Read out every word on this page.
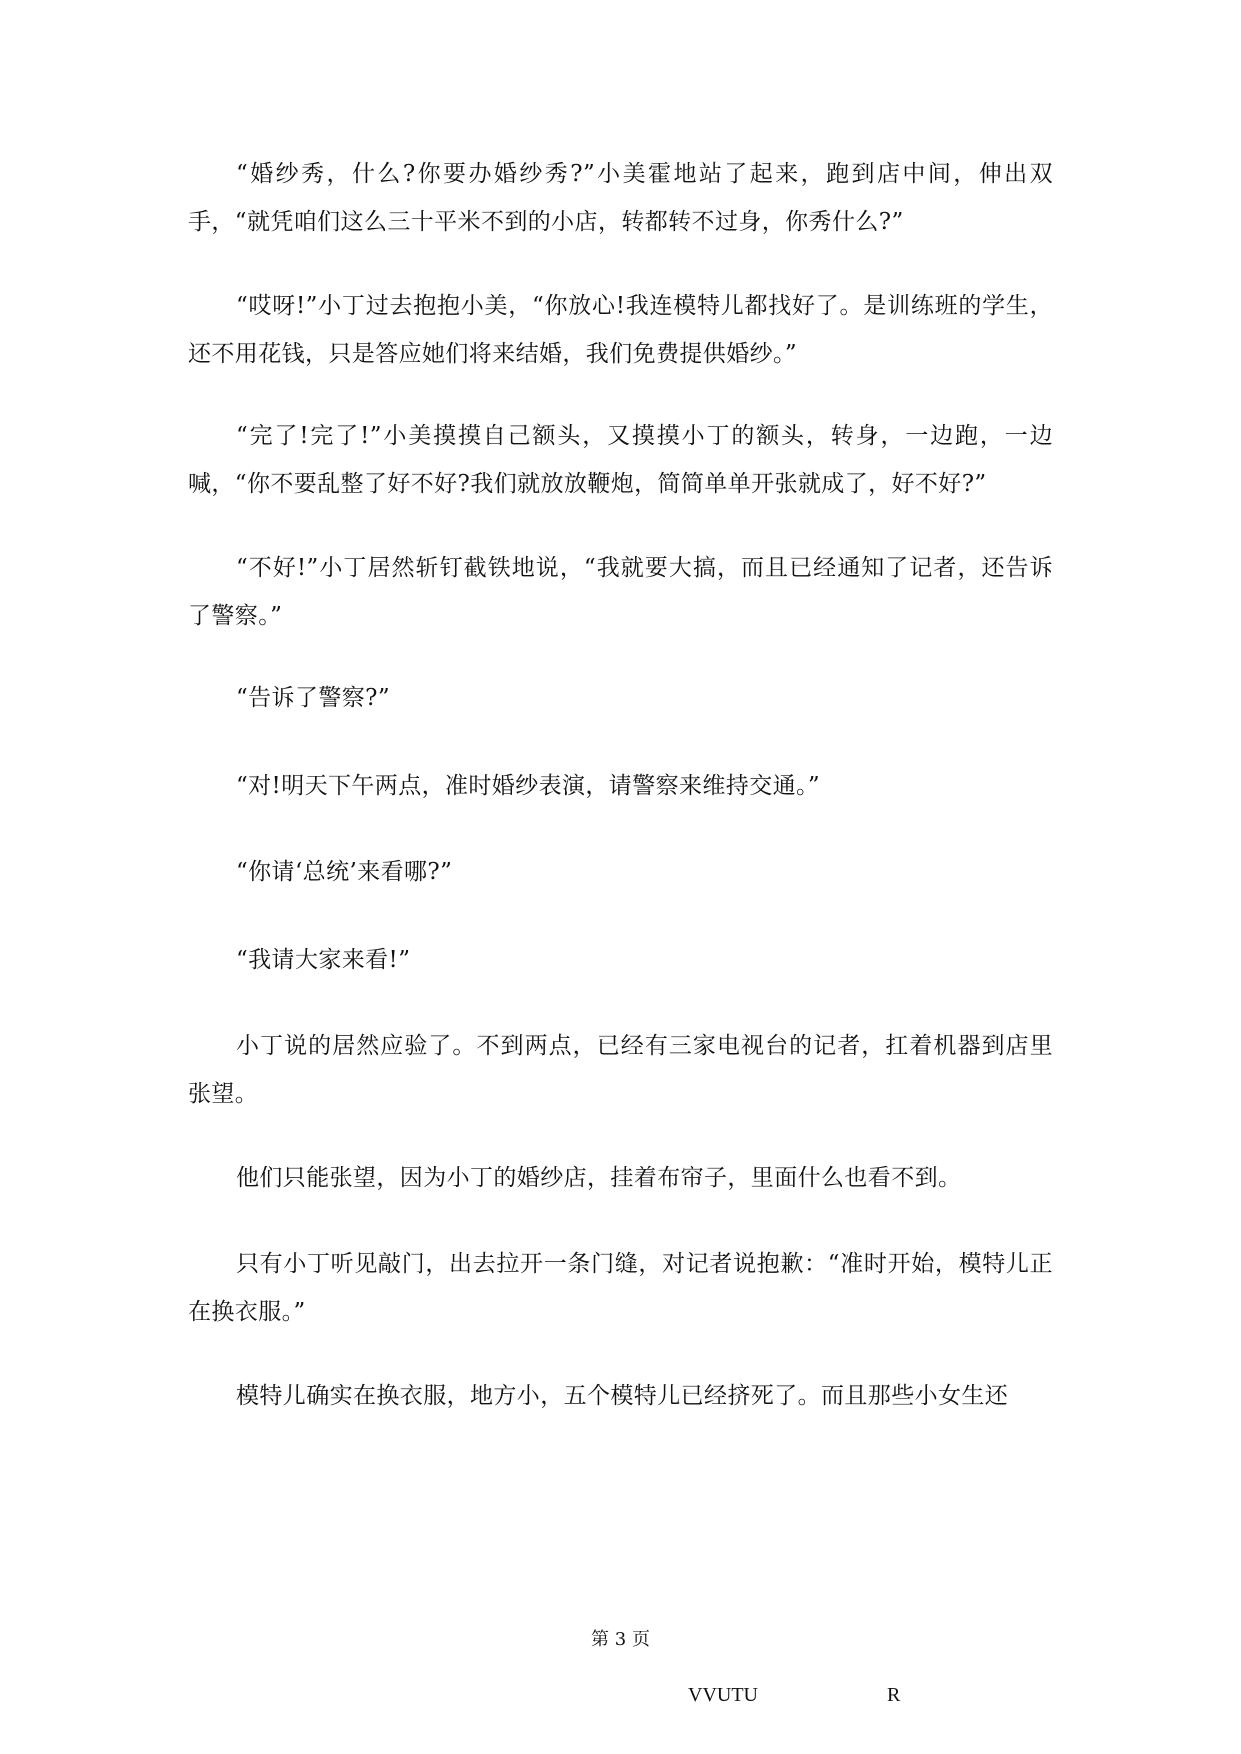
“婚纱秀，什么?你要办婚纱秀?”小美霍地站了起来，跑到店中间，伸出双手，“就凭咱们这么三十平米不到的小店，转都转不过身，你秀什么?”

“哎呀!”小丁过去抱抱小美，“你放心!我连模特儿都找好了。是训练班的学生，还不用花钱，只是答应她们将来结婚，我们免费提供婚纱。”

“完了!完了!”小美摸摸自己额头，又摸摸小丁的额头，转身，一边跑，一边喊，“你不要乱整了好不好?我们就放放鞭炮，简简单单开张就成了，好不好?”

“不好!”小丁居然斩钉截铁地说，“我就要大搞，而且已经通知了记者，还告诉了警察。”

“告诉了警察?”

“对!明天下午两点，准时婚纱表演，请警察来维持交通。”

“你请‘总统’来看哪?”

“我请大家来看!”

小丁说的居然应验了。不到两点，已经有三家电视台的记者，扛着机器到店里张望。

他们只能张望，因为小丁的婚纱店，挂着布帘子，里面什么也看不到。

只有小丁听见敲门，出去拉开一条门缝，对记者说抱歉：“准时开始，模特儿正在换衣服。”

模特儿确实在换衣服，地方小，五个模特儿已经挤死了。而且那些小女生还

第 3 页
VVUTU	R
